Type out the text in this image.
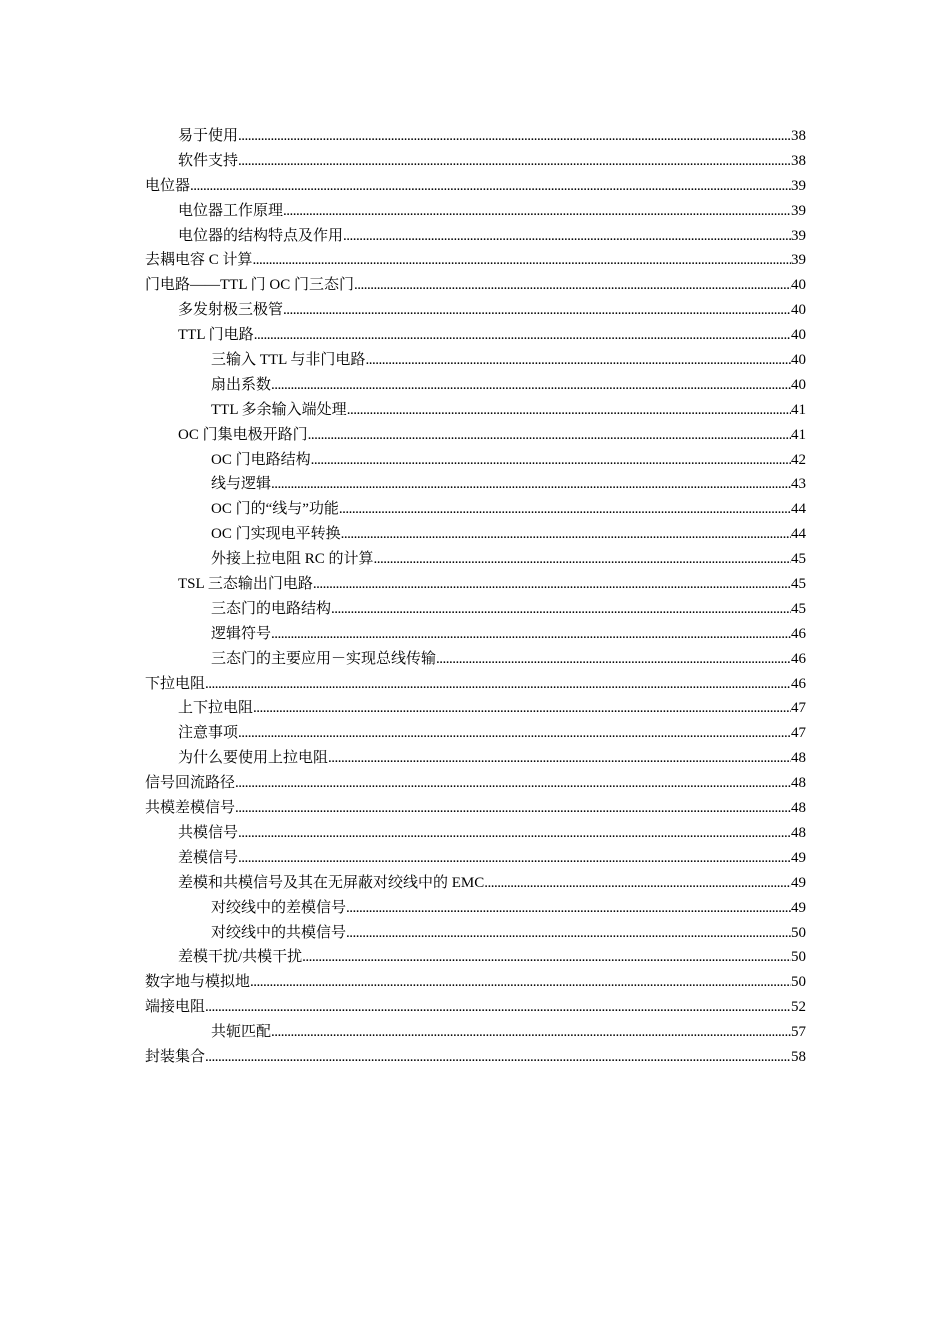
易于使用 .....	38
软件支持 .....	38
电位器 .....	39
电位器工作原理 .....	39
电位器的结构特点及作用 .....	39
去耦电容 C 计算 .....	39
门电路——TTL 门 OC 门三态门 .....	40
多发射极三极管 .....	40
TTL 门电路 .....	40
三输入 TTL 与非门电路 .....	40
扇出系数 .....	40
TTL 多余输入端处理 .....	41
OC 门集电极开路门 .....	41
OC 门电路结构 .....	42
线与逻辑 .....	43
OC 门的“线与”功能 .....	44
OC 门实现电平转换 .....	44
外接上拉电阻 RC 的计算 .....	45
TSL 三态输出门电路 .....	45
三态门的电路结构 .....	45
逻辑符号 .....	46
三态门的主要应用－实现总线传输 .....	46
下拉电阻 .....	46
上下拉电阻 .....	47
注意事项 .....	47
为什么要使用上拉电阻 .....	48
信号回流路径 .....	48
共模差模信号 .....	48
共模信号 .....	48
差模信号 .....	49
差模和共模信号及其在无屏蔽对绞线中的 EMC .....	49
对绞线中的差模信号 .....	49
对绞线中的共模信号 .....	50
差模干扰/共模干扰 .....	50
数字地与模拟地 .....	50
端接电阻 .....	52
共轭匹配 .....	57
封装集合 .....	58
